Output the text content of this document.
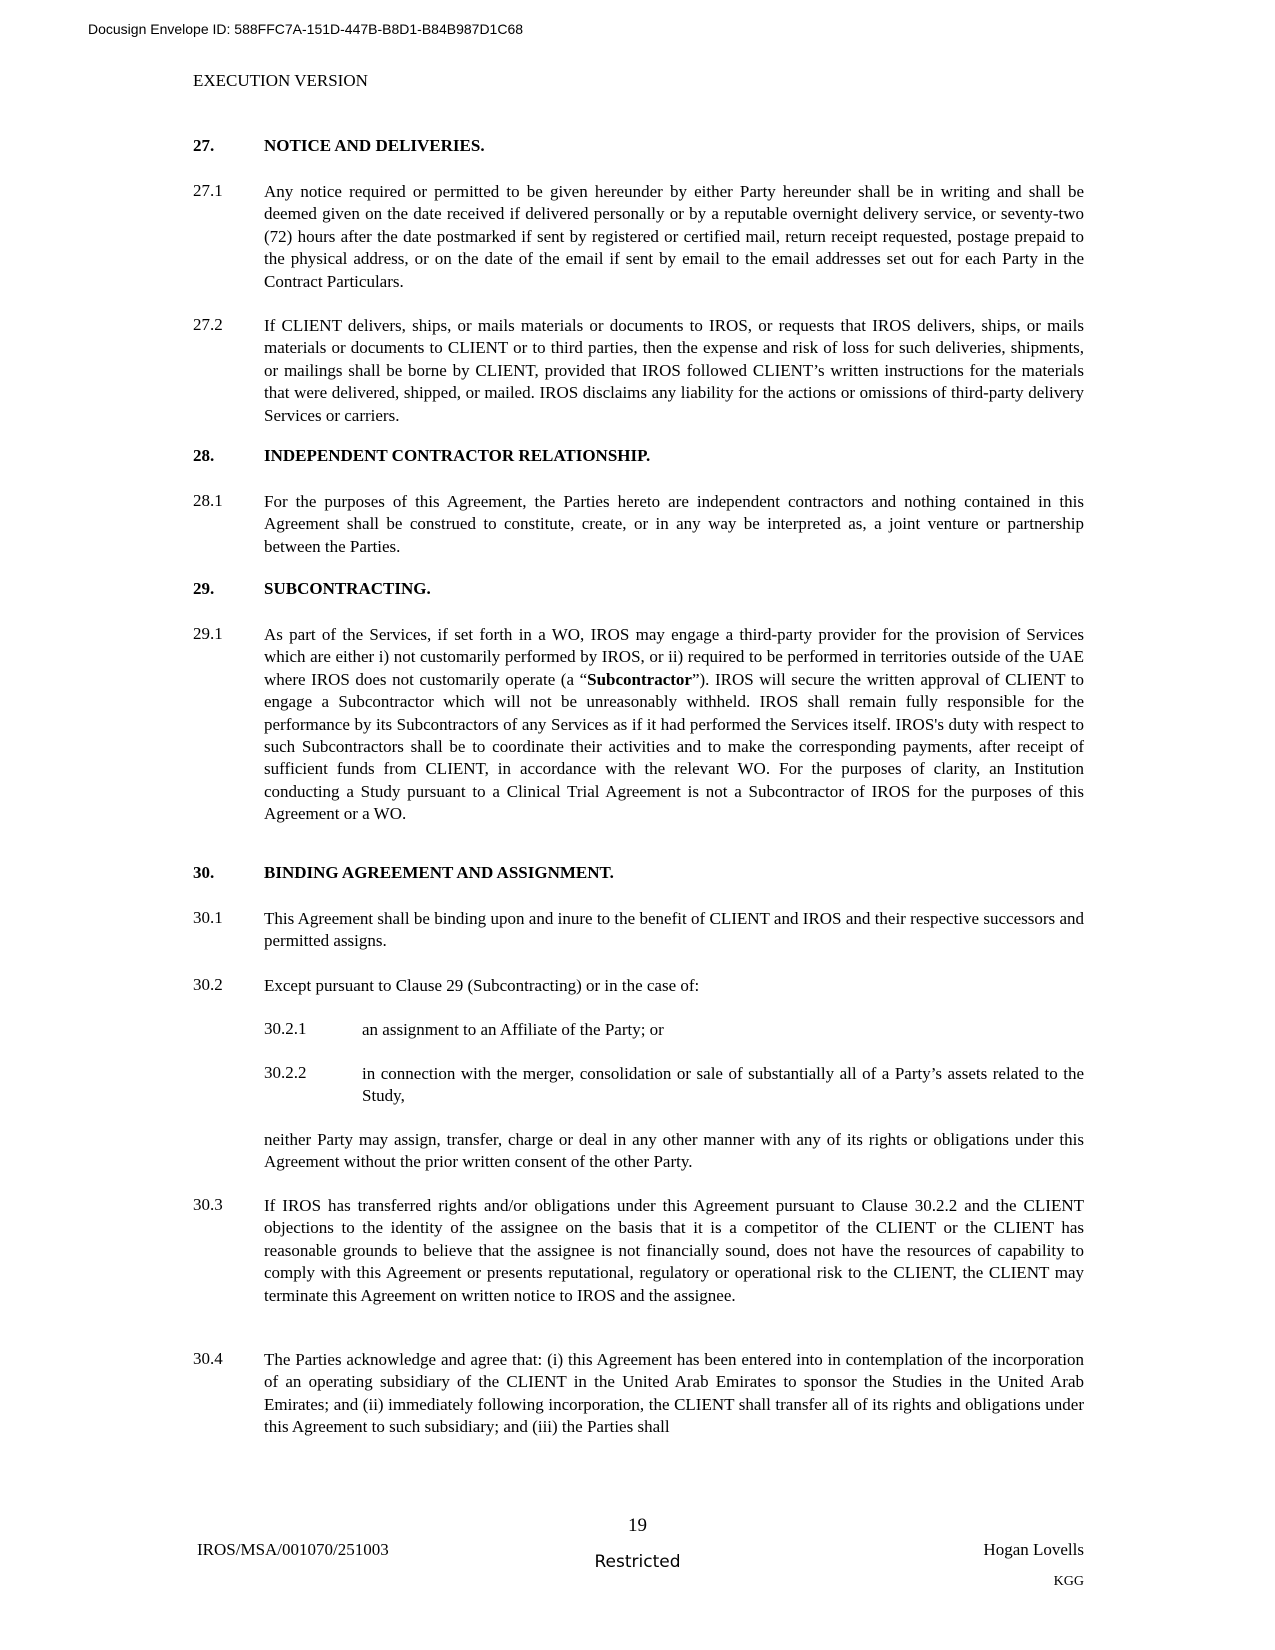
Docusign Envelope ID: 588FFC7A-151D-447B-B8D1-B84B987D1C68
EXECUTION VERSION
27.	NOTICE AND DELIVERIES.
27.1 Any notice required or permitted to be given hereunder by either Party hereunder shall be in writing and shall be deemed given on the date received if delivered personally or by a reputable overnight delivery service, or seventy-two (72) hours after the date postmarked if sent by registered or certified mail, return receipt requested, postage prepaid to the physical address, or on the date of the email if sent by email to the email addresses set out for each Party in the Contract Particulars.

27.2 If CLIENT delivers, ships, or mails materials or documents to IROS, or requests that IROS delivers, ships, or mails materials or documents to CLIENT or to third parties, then the expense and risk of loss for such deliveries, shipments, or mailings shall be borne by CLIENT, provided that IROS followed CLIENT’s written instructions for the materials that were delivered, shipped, or mailed. IROS disclaims any liability for the actions or omissions of third-party delivery Services or carriers.

28.	INDEPENDENT CONTRACTOR RELATIONSHIP.
28.1 For the purposes of this Agreement, the Parties hereto are independent contractors and nothing contained in this Agreement shall be construed to constitute, create, or in any way be interpreted as, a joint venture or partnership between the Parties.

29.	SUBCONTRACTING.
29.1 As part of the Services, if set forth in a WO, IROS may engage a third-party provider for the provision of Services which are either i) not customarily performed by IROS, or ii) required to be performed in territories outside of the UAE where IROS does not customarily operate (a “Subcontractor”). IROS will secure the written approval of CLIENT to engage a Subcontractor which will not be unreasonably withheld. IROS shall remain fully responsible for the performance by its Subcontractors of any Services as if it had performed the Services itself. IROS's duty with respect to such Subcontractors shall be to coordinate their activities and to make the corresponding payments, after receipt of sufficient funds from CLIENT, in accordance with the relevant WO. For the purposes of clarity, an Institution conducting a Study pursuant to a Clinical Trial Agreement is not a Subcontractor of IROS for the purposes of this Agreement or a WO.

30.	BINDING AGREEMENT AND ASSIGNMENT.
30.1 This Agreement shall be binding upon and inure to the benefit of CLIENT and IROS and their respective successors and permitted assigns.

30.2 Except pursuant to Clause 29 (Subcontracting) or in the case of:

30.2.1	an assignment to an Affiliate of the Party; or

30.2.2	in connection with the merger, consolidation or sale of substantially all of a Party’s assets related to the Study,

neither Party may assign, transfer, charge or deal in any other manner with any of its rights or obligations under this Agreement without the prior written consent of the other Party.

30.3 If IROS has transferred rights and/or obligations under this Agreement pursuant to Clause 30.2.2 and the CLIENT objections to the identity of the assignee on the basis that it is a competitor of the CLIENT or the CLIENT has reasonable grounds to believe that the assignee is not financially sound, does not have the resources of capability to comply with this Agreement or presents reputational, regulatory or operational risk to the CLIENT, the CLIENT may terminate this Agreement on written notice to IROS and the assignee.

30.4 The Parties acknowledge and agree that: (i) this Agreement has been entered into in contemplation of the incorporation of an operating subsidiary of the CLIENT in the United Arab Emirates to sponsor the Studies in the United Arab Emirates; and (ii) immediately following incorporation, the CLIENT shall transfer all of its rights and obligations under this Agreement to such subsidiary; and (iii) the Parties shall

19
IROS/MSA/001070/251003
Restricted
Hogan Lovells
KGG
